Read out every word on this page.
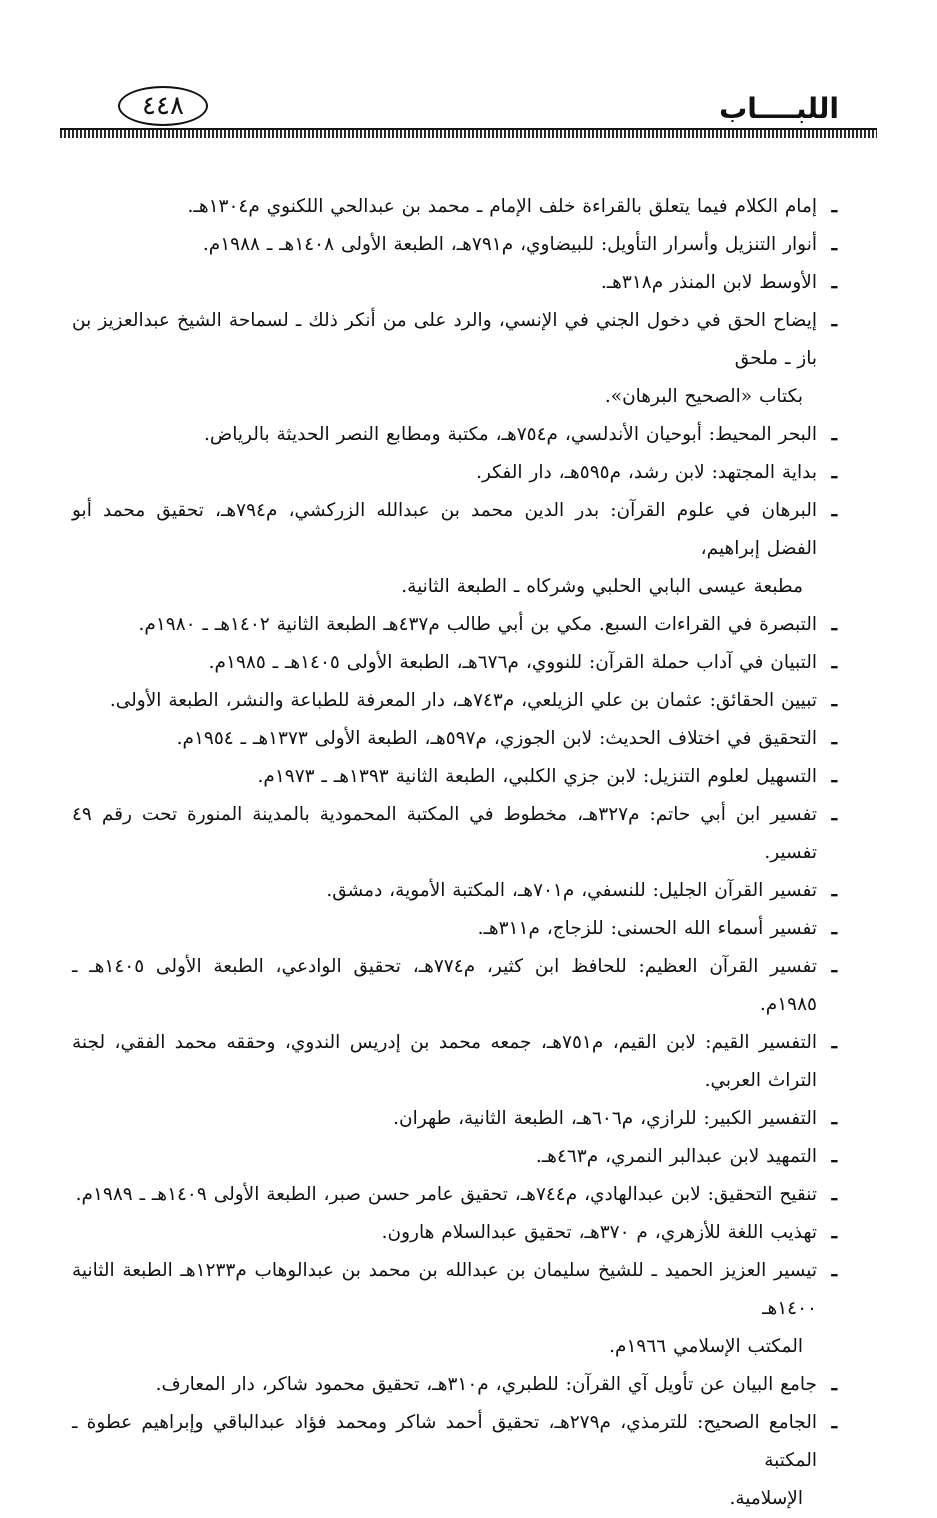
اللبــــاب
٤٤٨
ـ
إمام الكلام فيما يتعلق بالقراءة خلف الإمام ـ محمد بن عبدالحي اللكنوي م١٣٠٤هـ.
ـ
أنوار التنزيل وأسرار التأويل: للبيضاوي، م٧٩١هـ، الطبعة الأولى ١٤٠٨هـ ـ ١٩٨٨م.
ـ
الأوسط لابن المنذر م٣١٨هـ.
ـ
إيضاح الحق في دخول الجني في الإنسي، والرد على من أنكر ذلك ـ لسماحة الشيخ عبدالعزيز بن باز ـ ملحق
بكتاب «الصحيح البرهان».
ـ
البحر المحيط: أبوحيان الأندلسي، م٧٥٤هـ، مكتبة ومطابع النصر الحديثة بالرياض.
ـ
بداية المجتهد: لابن رشد، م٥٩٥هـ، دار الفكر.
ـ
البرهان في علوم القرآن: بدر الدين محمد بن عبدالله الزركشي، م٧٩٤هـ، تحقيق محمد أبو الفضل إبراهيم،
مطبعة عيسى البابي الحلبي وشركاه ـ الطبعة الثانية.
ـ
التبصرة في القراءات السبع. مكي بن أبي طالب م٤٣٧هـ الطبعة الثانية ١٤٠٢هـ ـ ١٩٨٠م.
ـ
التبيان في آداب حملة القرآن: للنووي، م٦٧٦هـ، الطبعة الأولى ١٤٠٥هـ ـ ١٩٨٥م.
ـ
تبيين الحقائق: عثمان بن علي الزيلعي، م٧٤٣هـ، دار المعرفة للطباعة والنشر، الطبعة الأولى.
ـ
التحقيق في اختلاف الحديث: لابن الجوزي، م٥٩٧هـ، الطبعة الأولى ١٣٧٣هـ ـ ١٩٥٤م.
ـ
التسهيل لعلوم التنزيل: لابن جزي الكلبي، الطبعة الثانية ١٣٩٣هـ ـ ١٩٧٣م.
ـ
تفسير ابن أبي حاتم: م٣٢٧هـ، مخطوط في المكتبة المحمودية بالمدينة المنورة تحت رقم ٤٩ تفسير.
ـ
تفسير القرآن الجليل: للنسفي، م٧٠١هـ، المكتبة الأموية، دمشق.
ـ
تفسير أسماء الله الحسنى: للزجاج، م٣١١هـ.
ـ
تفسير القرآن العظيم: للحافظ ابن كثير، م٧٧٤هـ، تحقيق الوادعي، الطبعة الأولى ١٤٠٥هـ ـ ١٩٨٥م.
ـ
التفسير القيم: لابن القيم، م٧٥١هـ، جمعه محمد بن إدريس الندوي، وحققه محمد الفقي، لجنة التراث العربي.
ـ
التفسير الكبير: للرازي، م٦٠٦هـ، الطبعة الثانية، طهران.
ـ
التمهيد لابن عبدالبر النمري، م٤٦٣هـ.
ـ
تنقيح التحقيق: لابن عبدالهادي، م٧٤٤هـ، تحقيق عامر حسن صبر، الطبعة الأولى ١٤٠٩هـ ـ ١٩٨٩م.
ـ
تهذيب اللغة للأزهري، م ٣٧٠هـ، تحقيق عبدالسلام هارون.
ـ
تيسير العزيز الحميد ـ للشيخ سليمان بن عبدالله بن محمد بن عبدالوهاب م١٢٣٣هـ الطبعة الثانية ١٤٠٠هـ
المكتب الإسلامي ١٩٦٦م.
ـ
جامع البيان عن تأويل آي القرآن: للطبري، م٣١٠هـ، تحقيق محمود شاكر، دار المعارف.
ـ
الجامع الصحيح: للترمذي، م٢٧٩هـ، تحقيق أحمد شاكر ومحمد فؤاد عبدالباقي وإبراهيم عطوة ـ المكتبة
الإسلامية.
